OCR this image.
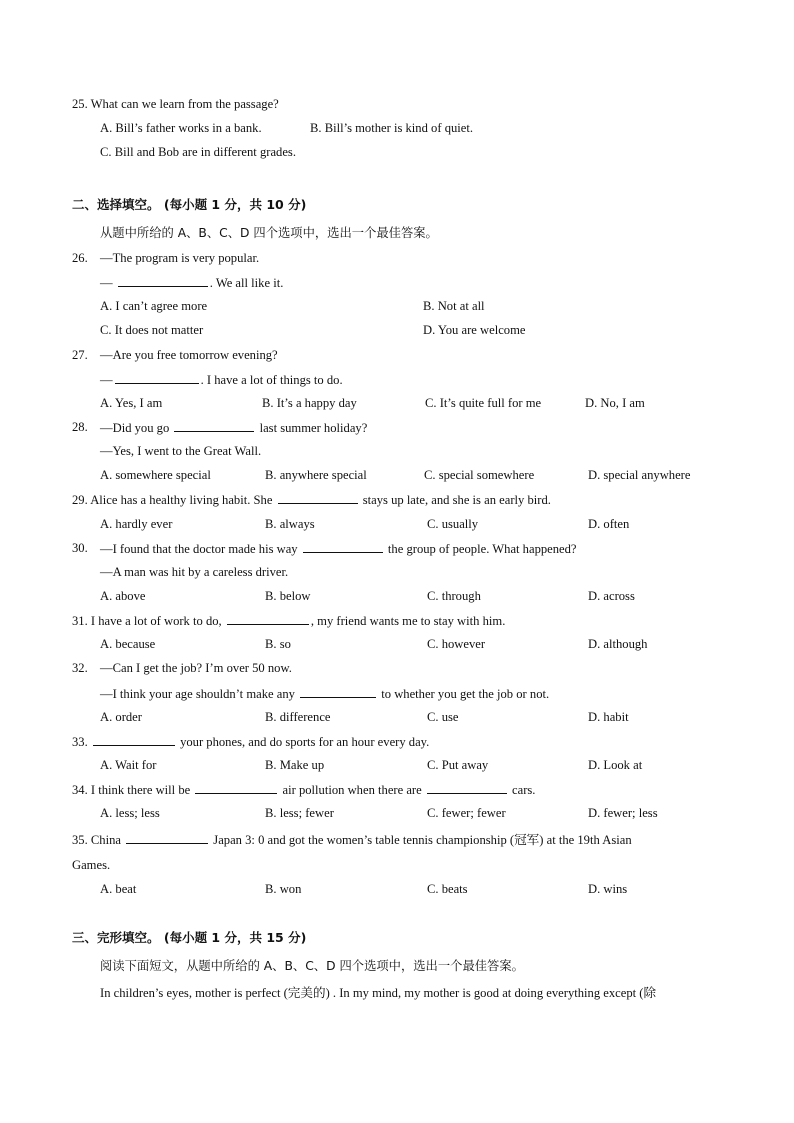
25. What can we learn from the passage?
A. Bill’s father works in a bank.	B. Bill’s mother is kind of quiet.
C. Bill and Bob are in different grades.
二、选择填空。 (每小题 1 分，共 10 分)
从题中所给的 A、B、C、D 四个选项中，选出一个最佳答案。
26. —The program is very popular.
—	. We all like it.
A. I can’t agree more	B. Not at all
C. It does not matter	D. You are welcome
27. —Are you free tomorrow evening?
—	. I have a lot of things to do.
A. Yes, I am	B. It’s a happy day	C. It’s quite full for me	D. No, I am
28. —Did you go	last summer holiday?
—Yes, I went to the Great Wall.
A. somewhere special	B. anywhere special	C. special somewhere	D. special anywhere
29. Alice has a healthy living habit. She	stays up late, and she is an early bird.
A. hardly ever	B. always	C. usually	D. often
30. —I found that the doctor made his way	the group of people. What happened?
—A man was hit by a careless driver.
A. above	B. below	C. through	D. across
31. I have a lot of work to do,	, my friend wants me to stay with him.
A. because	B. so	C. however	D. although
32. —Can I get the job? I’m over 50 now.
—I think your age shouldn’t make any	to whether you get the job or not.
A. order	B. difference	C. use	D. habit
33.	your phones, and do sports for an hour every day.
A. Wait for	B. Make up	C. Put away	D. Look at
34. I think there will be	air pollution when there are	cars.
A. less; less	B. less; fewer	C. fewer; fewer	D. fewer; less
35. China	Japan 3: 0 and got the women’s table tennis championship (冠军) at the 19th Asian
Games.
A. beat	B. won	C. beats	D. wins
三、完形填空。 (每小题 1 分，共 15 分)
阅读下面短文，从题中所给的 A、B、C、D 四个选项中，选出一个最佳答案。
In children’s eyes, mother is perfect (完美的) . In my mind, my mother is good at doing everything except (除
